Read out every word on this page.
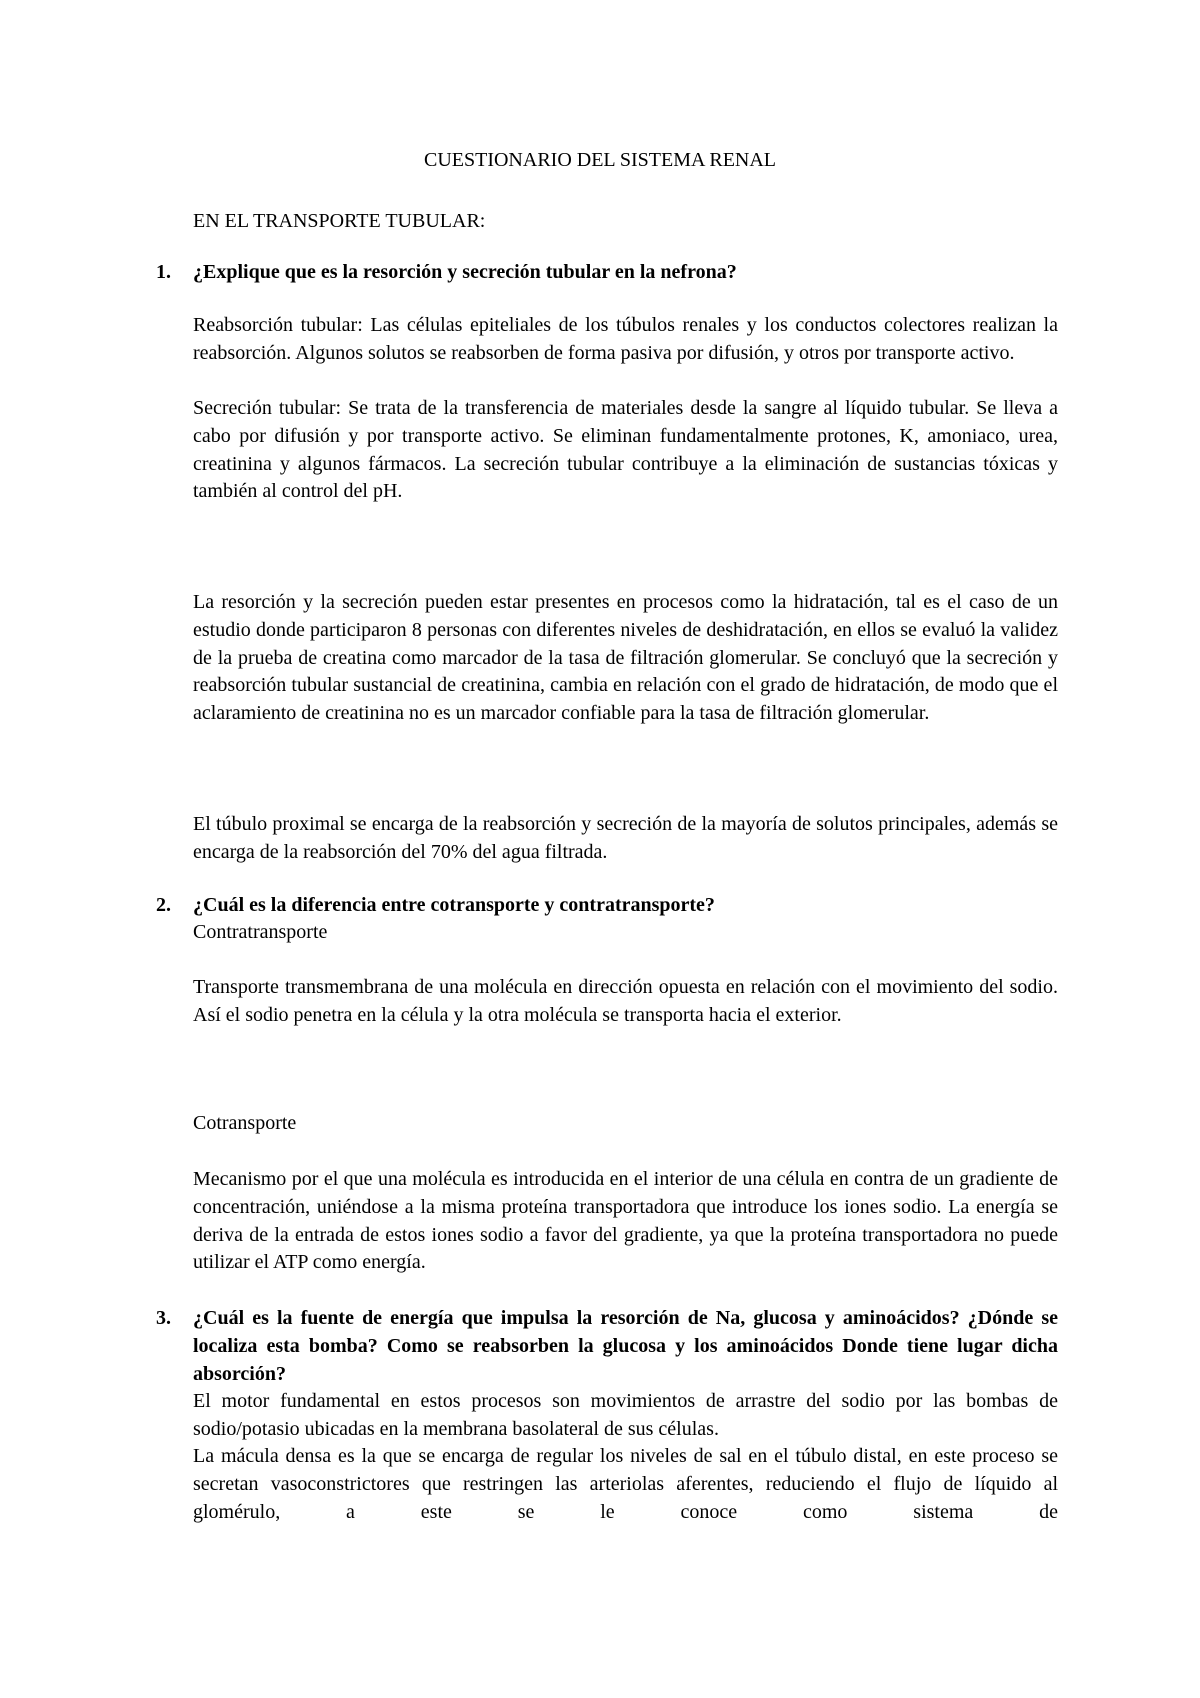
CUESTIONARIO DEL SISTEMA RENAL
EN EL TRANSPORTE TUBULAR:
1. ¿Explique que es la resorción y secreción tubular en la nefrona?

Reabsorción tubular: Las células epiteliales de los túbulos renales y los conductos colectores realizan la reabsorción. Algunos solutos se reabsorben de forma pasiva por difusión, y otros por transporte activo.

Secreción tubular: Se trata de la transferencia de materiales desde la sangre al líquido tubular. Se lleva a cabo por difusión y por transporte activo. Se eliminan fundamentalmente protones, K, amoniaco, urea, creatinina y algunos fármacos. La secreción tubular contribuye a la eliminación de sustancias tóxicas y también al control del pH.

La resorción y la secreción pueden estar presentes en procesos como la hidratación, tal es el caso de un estudio donde participaron 8 personas con diferentes niveles de deshidratación, en ellos se evaluó la validez de la prueba de creatina como marcador de la tasa de filtración glomerular. Se concluyó que la secreción y reabsorción tubular sustancial de creatinina, cambia en relación con el grado de hidratación, de modo que el aclaramiento de creatinina no es un marcador confiable para la tasa de filtración glomerular.

El túbulo proximal se encarga de la reabsorción y secreción de la mayoría de solutos principales, además se encarga de la reabsorción del 70% del agua filtrada.

2. ¿Cuál es la diferencia entre cotransporte y contratransporte?

Contratransporte

Transporte transmembrana de una molécula en dirección opuesta en relación con el movimiento del sodio. Así el sodio penetra en la célula y la otra molécula se transporta hacia el exterior.

Cotransporte

Mecanismo por el que una molécula es introducida en el interior de una célula en contra de un gradiente de concentración, uniéndose a la misma proteína transportadora que introduce los iones sodio. La energía se deriva de la entrada de estos iones sodio a favor del gradiente, ya que la proteína transportadora no puede utilizar el ATP como energía.

3. ¿Cuál es la fuente de energía que impulsa la resorción de Na, glucosa y aminoácidos? ¿Dónde se localiza esta bomba? Como se reabsorben la glucosa y los aminoácidos Donde tiene lugar dicha absorción?

El motor fundamental en estos procesos son movimientos de arrastre del sodio por las bombas de sodio/potasio ubicadas en la membrana basolateral de sus células.

La mácula densa es la que se encarga de regular los niveles de sal en el túbulo distal, en este proceso se secretan vasoconstrictores que restringen las arteriolas aferentes, reduciendo el flujo de líquido al glomérulo, a este se le conoce como sistema de
